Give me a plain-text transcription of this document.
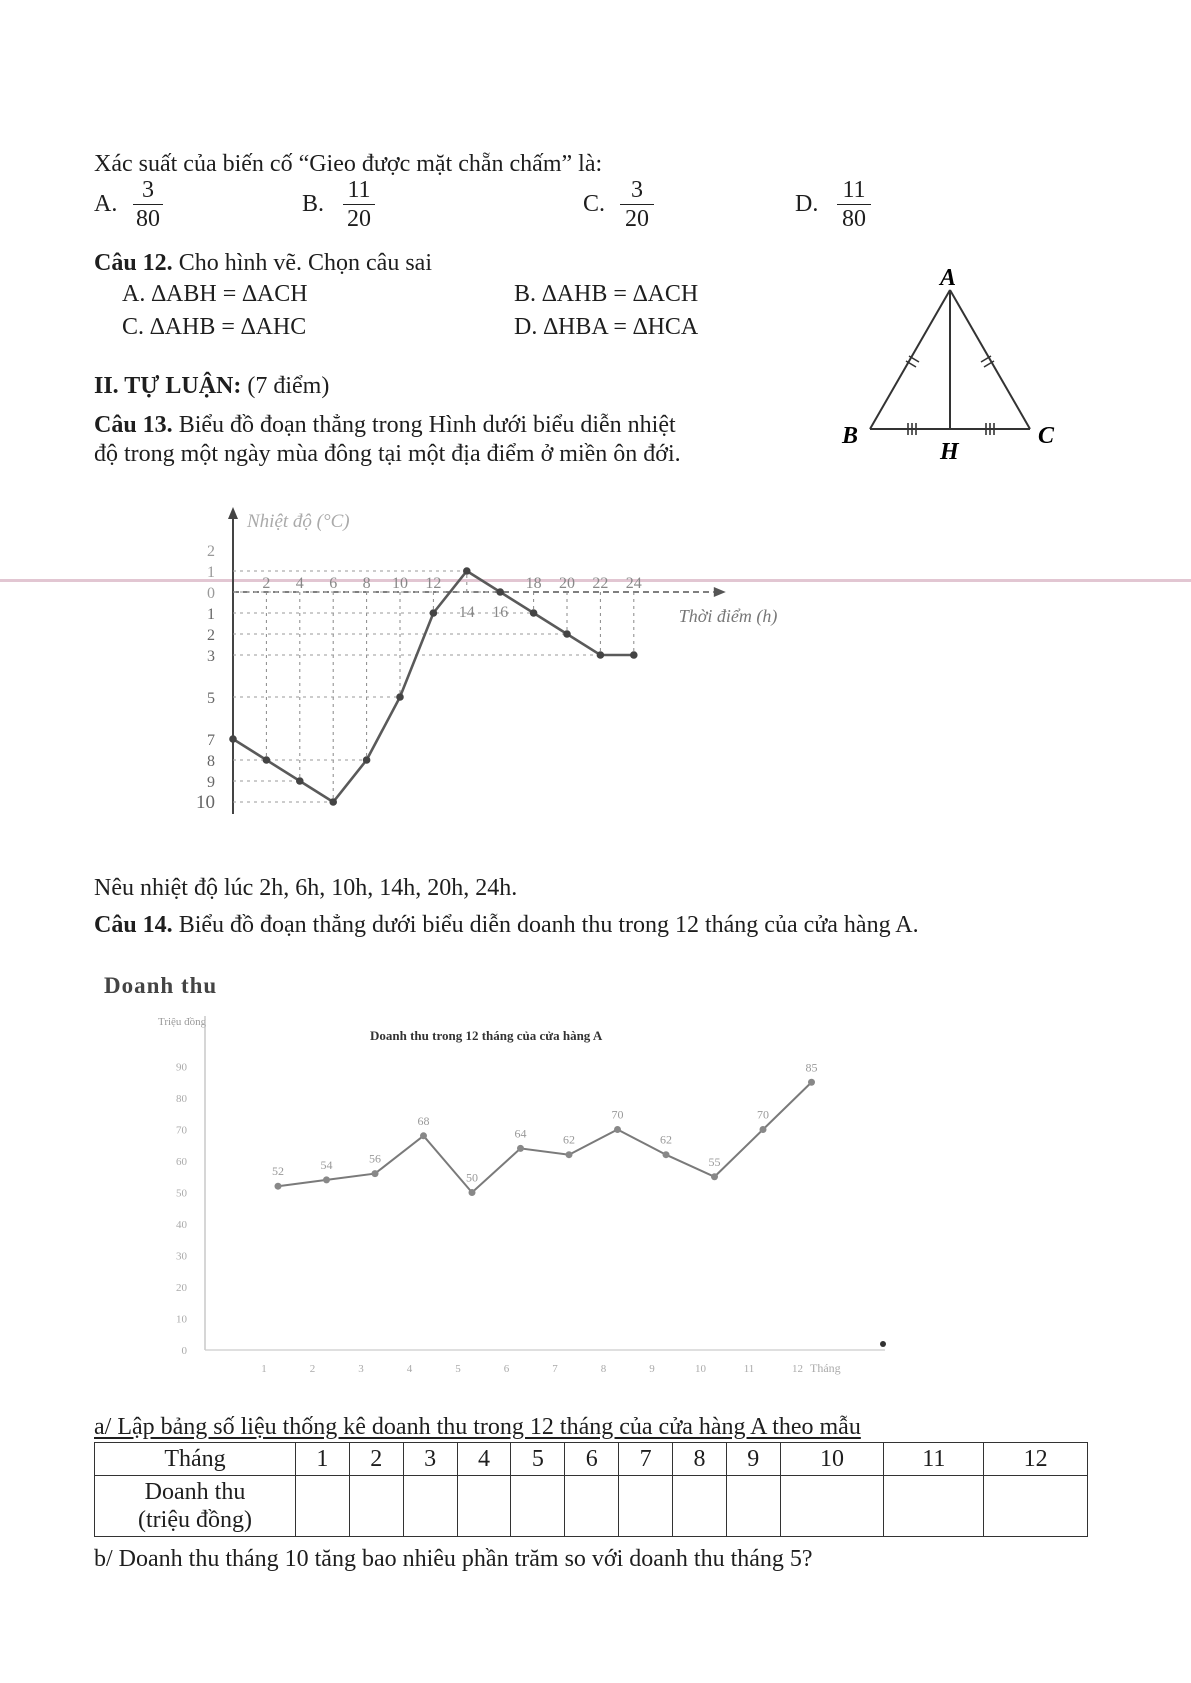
Xác suất của biến cố “Gieo được mặt chẵn chấm” là:
A. $\frac{3}{80}$	B. $\frac{11}{20}$	C. $\frac{3}{20}$	D. $\frac{11}{80}$
Câu 12. Cho hình vẽ. Chọn câu sai
A. ∆ABH = ∆ACH	B. ∆AHB = ∆ACH
C. ∆AHB = ∆AHC	D. ∆HBA = ∆HCA
A
B	C
H
II. TỰ LUẬN: (7 điểm)
Câu 13. Biểu đồ đoạn thẳng trong Hình dưới biểu diễn nhiệt
độ trong một ngày mùa đông tại một địa điểm ở miền ôn đới.
Nhiệt độ (°C)
Thời điểm (h)
2 4 6 8 10 12
14 16
18 20 22 24
2
1
0
1
2
3
5
7
8
9
10
Nêu nhiệt độ lúc 2h, 6h, 10h, 14h, 20h, 24h.
Câu 14. Biểu đồ đoạn thẳng dưới biểu diễn doanh thu trong 12 tháng của cửa hàng A.
Doanh thu
Doanh thu trong 12 tháng của cửa hàng A
Triệu đồng
Tháng
0
10
20
30
40
50
60
70
80
90
1	2	3	4	5	6	7	8	9	10	11	12
52	54	56
68
50
64	62
70
62
55
70
85
a/ Lập bảng số liệu thống kê doanh thu trong 12 tháng của cửa hàng A theo mẫu
Tháng	1	2	3	4	5	6	7	8	9	10	11	12

Doanh thu
(triệu đồng)												

b/ Doanh thu tháng 10 tăng bao nhiêu phần trăm so với doanh thu tháng 5?
